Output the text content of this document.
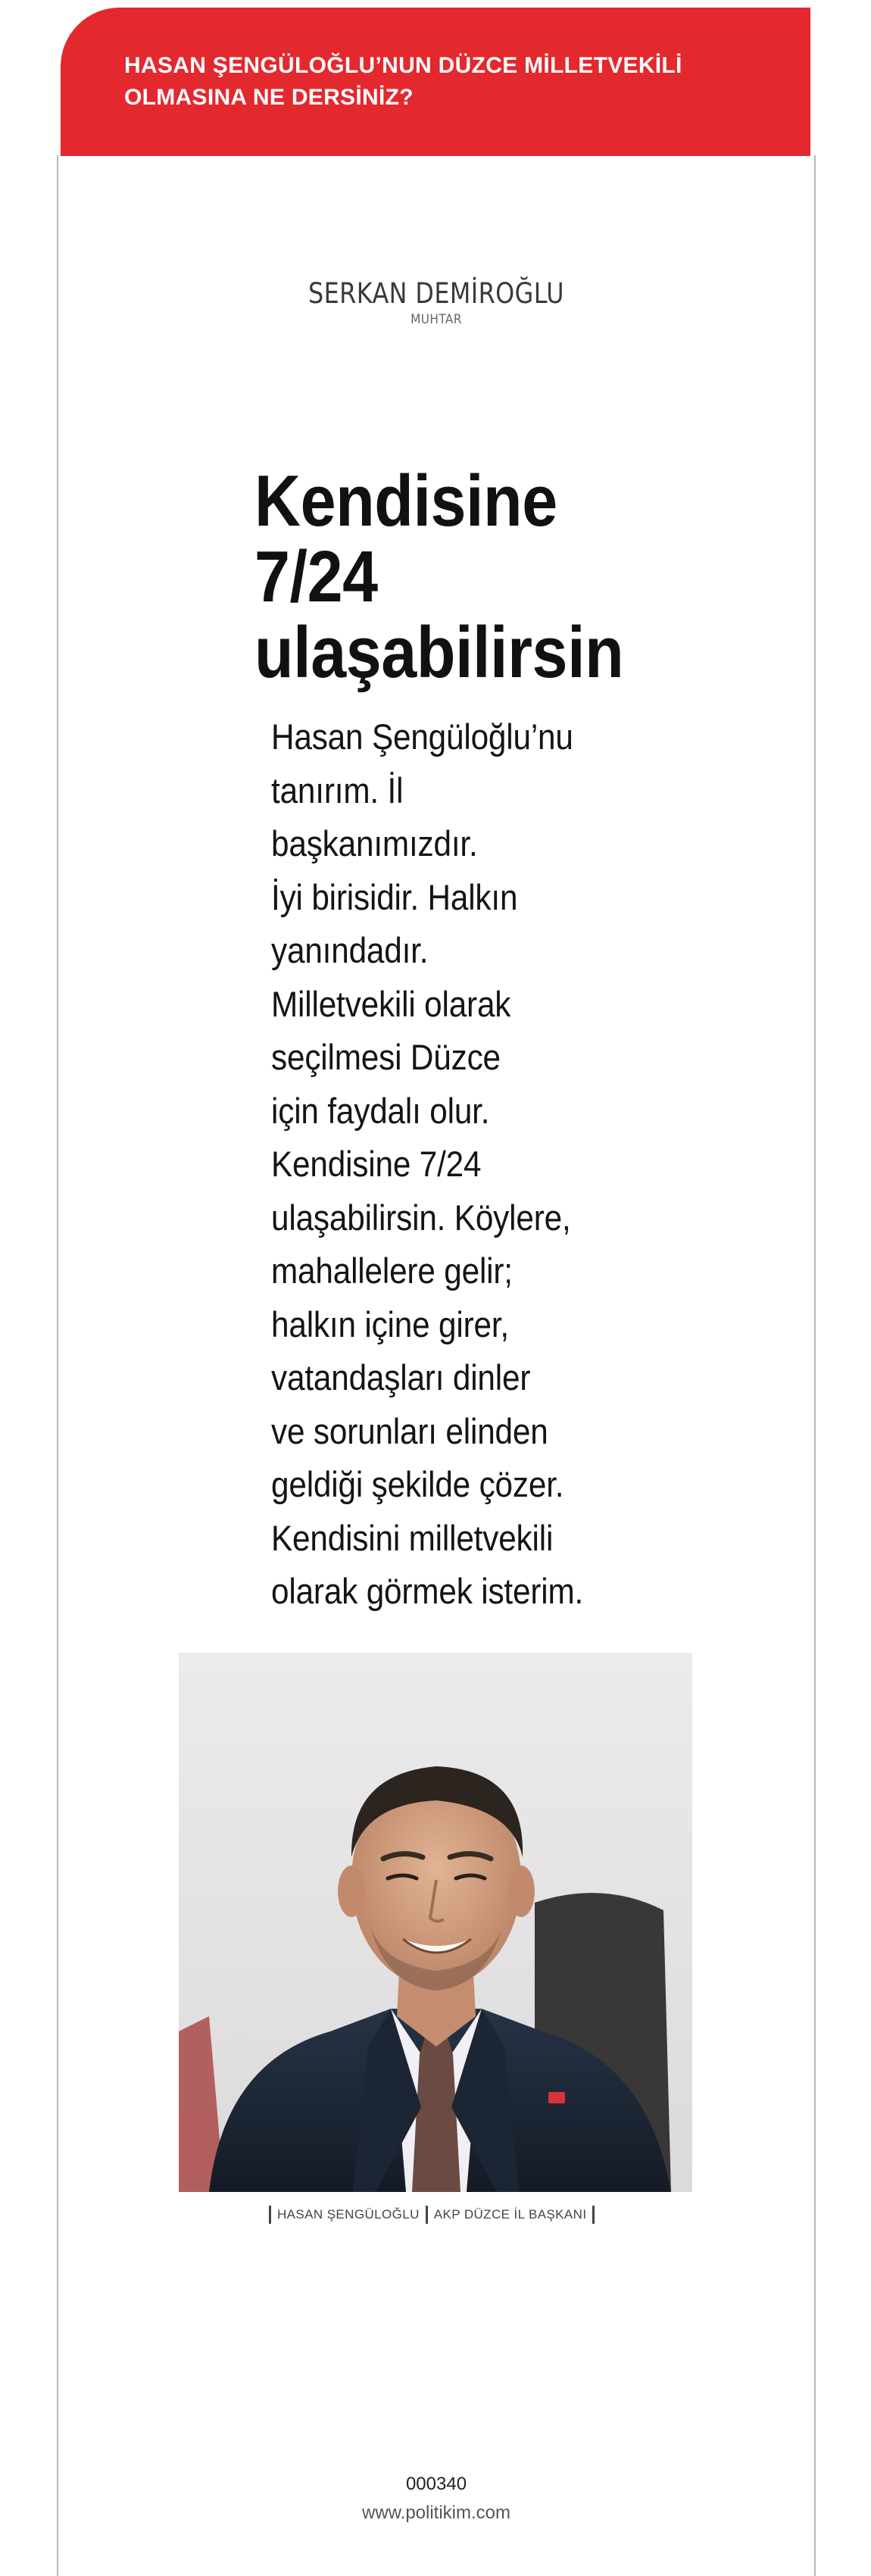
HASAN ŞENGÜLOĞLU’NUN DÜZCE MİLLETVEKİLİ
OLMASINA NE DERSİNİZ?

SERKAN DEMİROĞLU
MUHTAR
Kendisine
7/24
ulaşabilirsin
Hasan Şengüloğlu’nu
tanırım. İl
başkanımızdır.
İyi birisidir. Halkın
yanındadır.
Milletvekili olarak
seçilmesi Düzce
için faydalı olur.
Kendisine 7/24
ulaşabilirsin. Köylere,
mahallelere gelir;
halkın içine girer,
vatandaşları dinler
ve sorunları elinden
geldiği şekilde çözer.
Kendisini milletvekili
olarak görmek isterim.
HASAN ŞENGÜLOĞLU AKP DÜZCE İL BAŞKANI
000340
www.politikim.com
